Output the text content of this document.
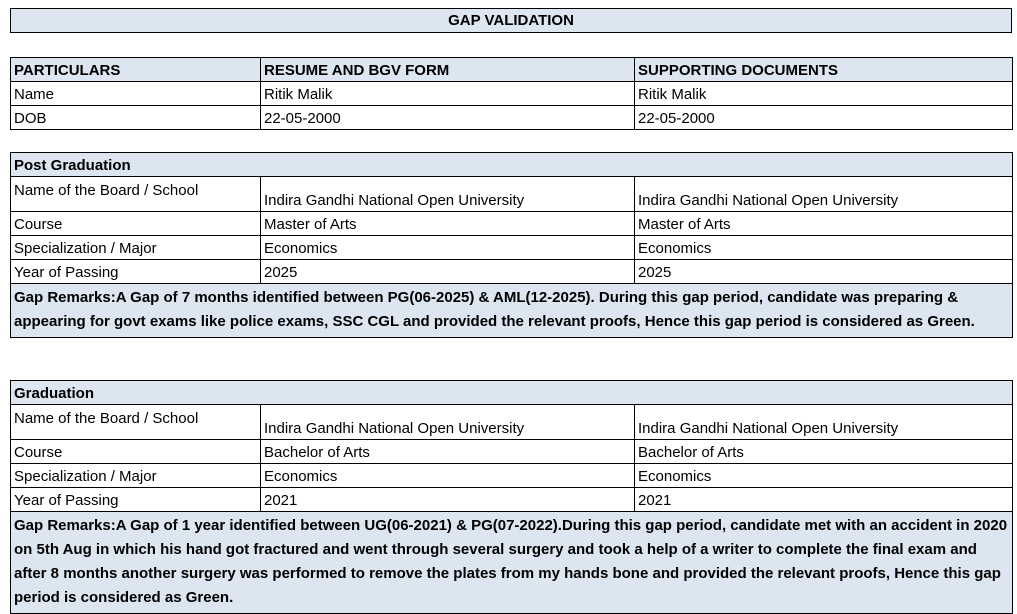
GAP VALIDATION
PARTICULARS	RESUME AND BGV FORM	SUPPORTING DOCUMENTS
Name	Ritik Malik	Ritik Malik
DOB	22-05-2000	22-05-2000
Post Graduation		
Name of the Board / School	Indira Gandhi National Open University	Indira Gandhi National Open University
Course	Master of Arts	Master of Arts
Specialization / Major	Economics	Economics
Year of Passing	2025	2025
Gap Remarks:A Gap of 7 months identified between PG(06-2025) & AML(12-2025). During this gap period, candidate was preparing & appearing for govt exams like police exams, SSC CGL and provided the relevant proofs, Hence this gap period is considered as Green.		
Graduation		
Name of the Board / School	Indira Gandhi National Open University	Indira Gandhi National Open University
Course	Bachelor of Arts	Bachelor of Arts
Specialization / Major	Economics	Economics
Year of Passing	2021	2021
Gap Remarks:A Gap of 1 year identified between UG(06-2021) & PG(07-2022).During this gap period, candidate met with an accident in 2020 on 5th Aug in which his hand got fractured and went through several surgery and took a help of a writer to complete the final exam and after 8 months another surgery was performed to remove the plates from my hands bone and provided the relevant proofs, Hence this gap period is considered as Green.		
